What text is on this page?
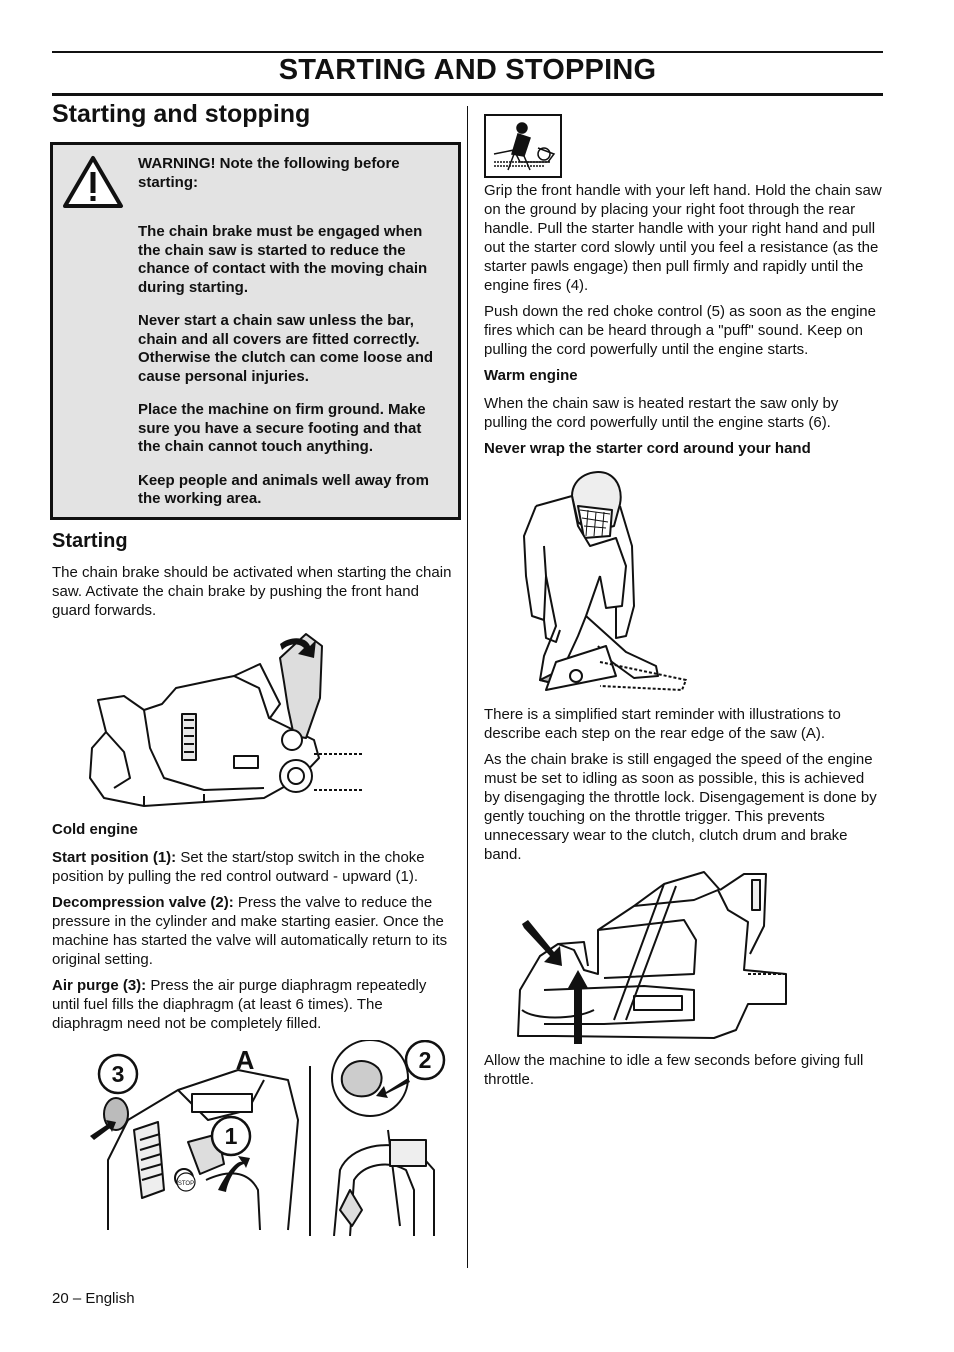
STARTING AND STOPPING
Starting and stopping

WARNING! Note the following before starting:

The chain brake must be engaged when the chain saw is started to reduce the chance of contact with the moving chain during starting.

Never start a chain saw unless the bar, chain and all covers are fitted correctly. Otherwise the clutch can come loose and cause personal injuries.

Place the machine on firm ground. Make sure you have a secure footing and that the chain cannot touch anything.

Keep people and animals well away from the working area.

Starting
The chain brake should be activated when starting the chain saw. Activate the chain brake by pushing the front hand guard forwards.

Cold engine

Start position (1): Set the start/stop switch in the choke position by pulling the red control outward - upward (1).

Decompression valve (2): Press the valve to reduce the pressure in the cylinder and make starting easier. Once the machine has started the valve will automatically return to its original setting.

Air purge (3): Press the air purge diaphragm repeatedly until fuel fills the diaphragm (at least 6 times). The diaphragm need not be completely filled.

3	A	2
1
STOP

Grip the front handle with your left hand. Hold the chain saw on the ground by placing your right foot through the rear handle. Pull the starter handle with your right hand and pull out the starter cord slowly until you feel a resistance (as the starter pawls engage) then pull firmly and rapidly until the engine fires (4).

Push down the red choke control (5) as soon as the engine fires which can be heard through a "puff" sound. Keep on pulling the cord powerfully until the engine starts.

Warm engine

When the chain saw is heated restart the saw only by pulling the cord powerfully until the engine starts (6).

Never wrap the starter cord around your hand

There is a simplified start reminder with illustrations to describe each step on the rear edge of the saw (A).

As the chain brake is still engaged the speed of the engine must be set to idling as soon as possible, this is achieved by disengaging the throttle lock. Disengagement is done by gently touching on the throttle trigger. This prevents unnecessary wear to the clutch, clutch drum and brake band.

Allow the machine to idle a few seconds before giving full throttle.
20 – English
